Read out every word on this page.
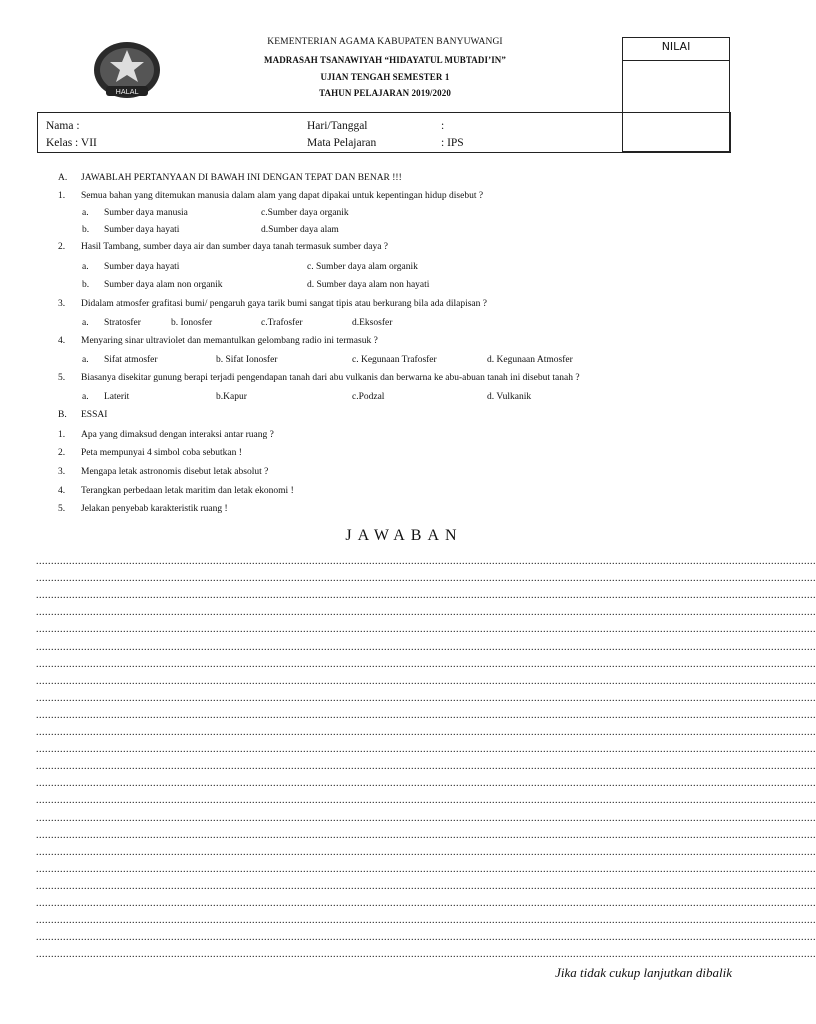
HALAL
KEMENTERIAN AGAMA KABUPATEN BANYUWANGI
MADRASAH TSANAWIYAH “HIDAYATUL MUBTADI’IN”
UJIAN TENGAH SEMESTER 1
TAHUN PELAJARAN 2019/2020
NILAI
Nama :
Kelas : VII
Hari/Tanggal	:
Mata Pelajaran	: IPS
A. JAWABLAH PERTANYAAN DI BAWAH INI DENGAN TEPAT DAN BENAR !!!
1. Semua bahan yang ditemukan manusia dalam alam yang dapat dipakai untuk kepentingan hidup disebut ?
a. Sumber daya manusia	c.Sumber daya organik
b. Sumber daya hayati	d.Sumber daya alam
2. Hasil Tambang, sumber daya air dan sumber daya tanah termasuk sumber daya ?
a. Sumber daya hayati	c. Sumber daya alam organik
b. Sumber daya alam non organik	d. Sumber daya alam non hayati
3. Didalam atmosfer grafitasi bumi/ pengaruh gaya tarik bumi sangat tipis atau berkurang bila ada dilapisan ?
a. Stratosfer	b. Ionosfer	c.Trafosfer	d.Eksosfer
4. Menyaring sinar ultraviolet dan memantulkan gelombang radio ini termasuk ?
a. Sifat atmosfer	b. Sifat Ionosfer	c. Kegunaan Trafosfer	d. Kegunaan Atmosfer
5. Biasanya disekitar gunung berapi terjadi pengendapan tanah dari abu vulkanis dan berwarna ke abu-abuan tanah ini disebut tanah ?
a. Laterit	b.Kapur	c.Podzal	d. Vulkanik
B. ESSAI
1. Apa yang dimaksud dengan interaksi antar ruang ?
2. Peta mempunyai 4 simbol coba sebutkan !
3. Mengapa letak astronomis disebut letak absolut ?
4. Terangkan perbedaan letak maritim dan letak ekonomi !
5. Jelakan penyebab karakteristik ruang !
JAWABAN
....................................................................................................................................................................................................................................................................
....................................................................................................................................................................................................................................................................
....................................................................................................................................................................................................................................................................
....................................................................................................................................................................................................................................................................
....................................................................................................................................................................................................................................................................
....................................................................................................................................................................................................................................................................
....................................................................................................................................................................................................................................................................
....................................................................................................................................................................................................................................................................
....................................................................................................................................................................................................................................................................
....................................................................................................................................................................................................................................................................
....................................................................................................................................................................................................................................................................
....................................................................................................................................................................................................................................................................
....................................................................................................................................................................................................................................................................
....................................................................................................................................................................................................................................................................
....................................................................................................................................................................................................................................................................
....................................................................................................................................................................................................................................................................
....................................................................................................................................................................................................................................................................
....................................................................................................................................................................................................................................................................
....................................................................................................................................................................................................................................................................
....................................................................................................................................................................................................................................................................
....................................................................................................................................................................................................................................................................
....................................................................................................................................................................................................................................................................
....................................................................................................................................................................................................................................................................
....................................................................................................................................................................................................................................................................
Jika tidak cukup lanjutkan dibalik
